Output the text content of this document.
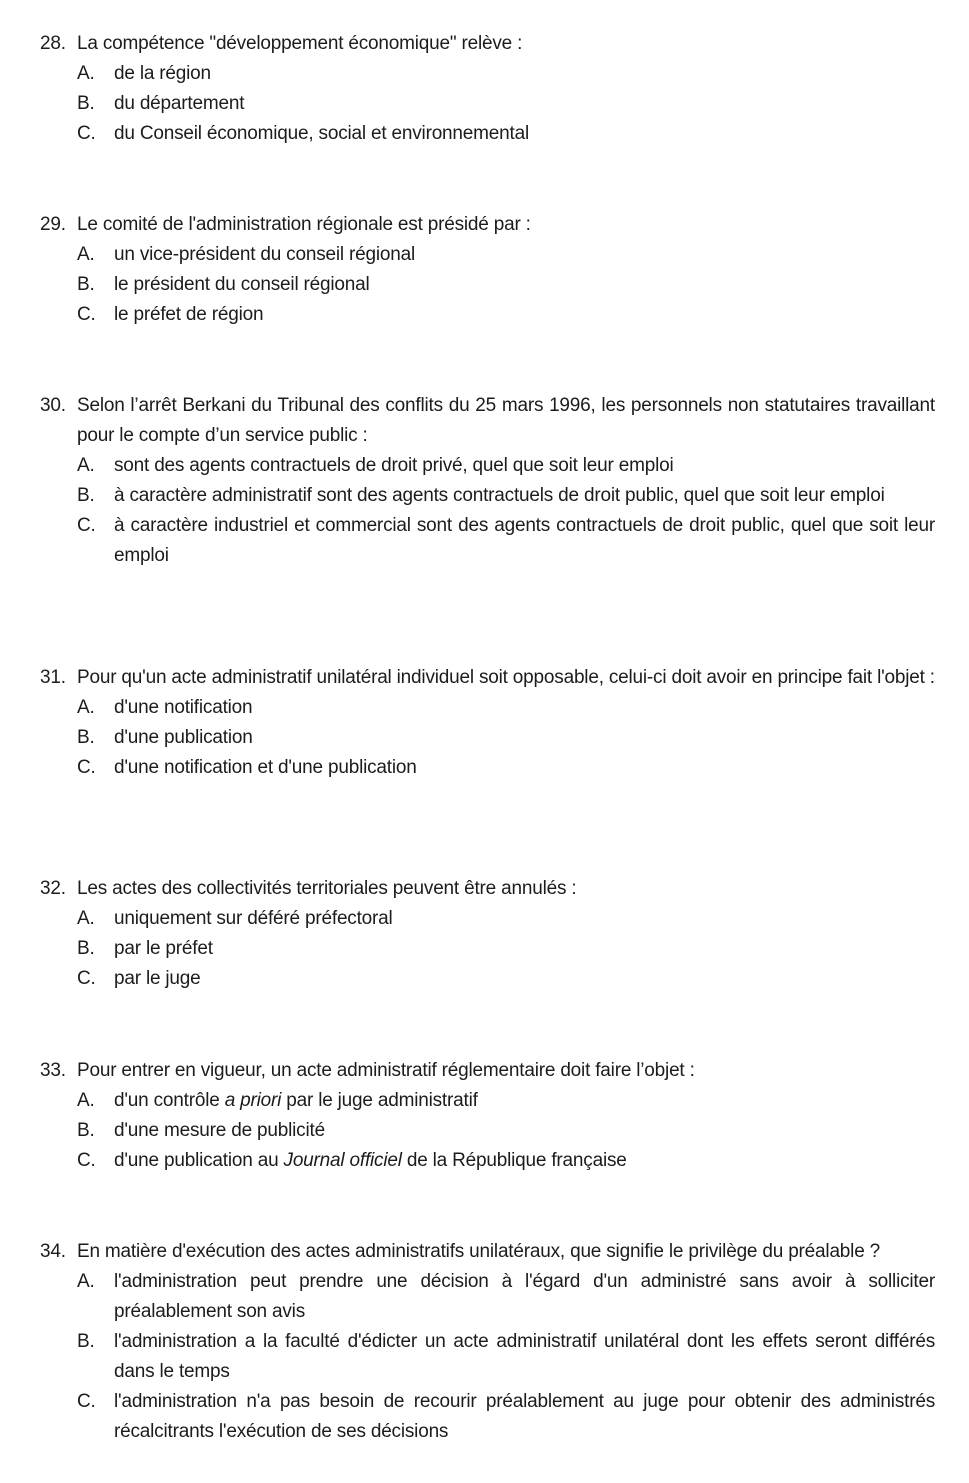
28. La compétence "développement économique" relève :
A. de la région
B. du département
C. du Conseil économique, social et environnemental
29. Le comité de l'administration régionale est présidé par :
A. un vice-président du conseil régional
B. le président du conseil régional
C. le préfet de région
30. Selon l’arrêt Berkani du Tribunal des conflits du 25 mars 1996, les personnels non statutaires travaillant pour le compte d’un service public :
A. sont des agents contractuels de droit privé, quel que soit leur emploi
B. à caractère administratif sont des agents contractuels de droit public, quel que soit leur emploi
C. à caractère industriel et commercial sont des agents contractuels de droit public, quel que soit leur emploi
31. Pour qu'un acte administratif unilatéral individuel soit opposable, celui-ci doit avoir en principe fait l'objet :
A. d'une notification
B. d'une publication
C. d'une notification et d'une publication
32. Les actes des collectivités territoriales peuvent être annulés :
A. uniquement sur déféré préfectoral
B. par le préfet
C. par le juge
33. Pour entrer en vigueur, un acte administratif réglementaire doit faire l’objet :
A. d'un contrôle a priori par le juge administratif
B. d'une mesure de publicité
C. d'une publication au Journal officiel de la République française
34. En matière d'exécution des actes administratifs unilatéraux, que signifie le privilège du préalable ?
A. l'administration peut prendre une décision à l'égard d'un administré sans avoir à solliciter préalablement son avis
B. l'administration a la faculté d'édicter un acte administratif unilatéral dont les effets seront différés dans le temps
C. l'administration n'a pas besoin de recourir préalablement au juge pour obtenir des administrés récalcitrants l'exécution de ses décisions
